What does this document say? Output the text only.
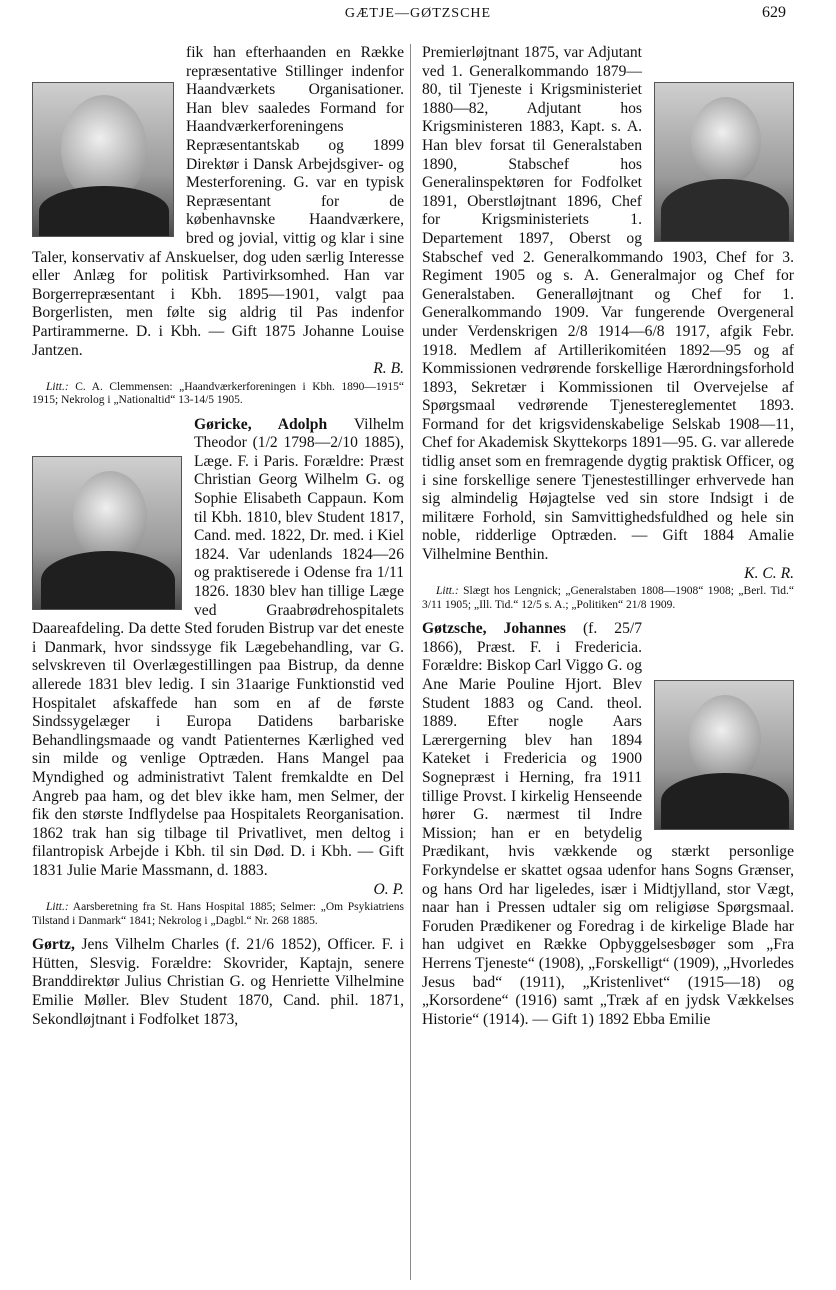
GÆTJE—GØTZSCHE	629

fik han efterhaanden en Række repræsentative Stillinger indenfor Haandværkets Organisationer. Han blev saaledes Formand for Haandværkerforeningens Repræsentantskab og 1899 Direktør i Dansk Arbejdsgiver- og Mesterforening. G. var en typisk Repræsentant for de københavnske Haandværkere, bred og jovial, vittig og klar i sine Taler, konservativ af Anskuelser, dog uden særlig Interesse eller Anlæg for politisk Partivirksomhed. Han var Borgerrepræsentant i Kbh. 1895—1901, valgt paa Borgerlisten, men følte sig aldrig til Pas indenfor Partirammerne. D. i Kbh. — Gift 1875 Johanne Louise Jantzen.

R. B.

Litt.: C. A. Clemmensen: „Haandværkerforeningen i Kbh. 1890—1915“ 1915; Nekrolog i „Nationaltid“ 13-14/5 1905.

Gøricke, Adolph Vilhelm Theodor (1/2 1798—2/10 1885), Læge. F. i Paris. Forældre: Præst Christian Georg Wilhelm G. og Sophie Elisabeth Cappaun. Kom til Kbh. 1810, blev Student 1817, Cand. med. 1822, Dr. med. i Kiel 1824. Var udenlands 1824—26 og praktiserede i Odense fra 1/11 1826. 1830 blev han tillige Læge ved Graabrødrehospitalets Daareafdeling. Da dette Sted foruden Bistrup var det eneste i Danmark, hvor sindssyge fik Lægebehandling, var G. selvskreven til Overlægestillingen paa Bistrup, da denne allerede 1831 blev ledig. I sin 31aarige Funktionstid ved Hospitalet afskaffede han som en af de første Sindssygelæger i Europa Datidens barbariske Behandlingsmaade og vandt Patienternes Kærlighed ved sin milde og venlige Optræden. Hans Mangel paa Myndighed og administrativt Talent fremkaldte en Del Angreb paa ham, og det blev ikke ham, men Selmer, der fik den største Indflydelse paa Hospitalets Reorganisation. 1862 trak han sig tilbage til Privatlivet, men deltog i filantropisk Arbejde i Kbh. til sin Død. D. i Kbh. — Gift 1831 Julie Marie Massmann, d. 1883.

O. P.

Litt.: Aarsberetning fra St. Hans Hospital 1885; Selmer: „Om Psykiatriens Tilstand i Danmark“ 1841; Nekrolog i „Dagbl.“ Nr. 268 1885.

Gørtz, Jens Vilhelm Charles (f. 21/6 1852), Officer. F. i Hütten, Slesvig. Forældre: Skovrider, Kaptajn, senere Branddirektør Julius Christian G. og Henriette Vilhelmine Emilie Møller. Blev Student 1870, Cand. phil. 1871, Sekondløjtnant i Fodfolket 1873,

Premierløjtnant 1875, var Adjutant ved 1. Generalkommando 1879—80, til Tjeneste i Krigsministeriet 1880—82, Adjutant hos Krigsministeren 1883, Kapt. s. A. Han blev forsat til Generalstaben 1890, Stabschef hos Generalinspektøren for Fodfolket 1891, Oberstløjtnant 1896, Chef for Krigsministeriets 1. Departement 1897, Oberst og Stabschef ved 2. Generalkommando 1903, Chef for 3. Regiment 1905 og s. A. Generalmajor og Chef for Generalstaben. Generalløjtnant og Chef for 1. Generalkommando 1909. Var fungerende Overgeneral under Verdenskrigen 2/8 1914—6/8 1917, afgik Febr. 1918. Medlem af Artillerikomitéen 1892—95 og af Kommissionen vedrørende forskellige Hærordningsforhold 1893, Sekretær i Kommissionen til Overvejelse af Spørgsmaal vedrørende Tjenestereglementet 1893. Formand for det krigsvidenskabelige Selskab 1908—11, Chef for Akademisk Skyttekorps 1891—95. G. var allerede tidlig anset som en fremragende dygtig praktisk Officer, og i sine forskellige senere Tjenestestillinger erhvervede han sig almindelig Højagtelse ved sin store Indsigt i de militære Forhold, sin Samvittighedsfuldhed og hele sin noble, ridderlige Optræden. — Gift 1884 Amalie Vilhelmine Benthin.

K. C. R.

Litt.: Slægt hos Lengnick; „Generalstaben 1808—1908“ 1908; „Berl. Tid.“ 3/11 1905; „Ill. Tid.“ 12/5 s. A.; „Politiken“ 21/8 1909.

Gøtzsche, Johannes (f. 25/7 1866), Præst. F. i Fredericia. Forældre: Biskop Carl Viggo G. og Ane Marie Pouline Hjort. Blev Student 1883 og Cand. theol. 1889. Efter nogle Aars Lærergerning blev han 1894 Kateket i Fredericia og 1900 Sognepræst i Herning, fra 1911 tillige Provst. I kirkelig Henseende hører G. nærmest til Indre Mission; han er en betydelig Prædikant, hvis vækkende og stærkt personlige Forkyndelse er skattet ogsaa udenfor hans Sogns Grænser, og hans Ord har ligeledes, især i Midtjylland, stor Vægt, naar han i Pressen udtaler sig om religiøse Spørgsmaal. Foruden Prædikener og Foredrag i de kirkelige Blade har han udgivet en Række Opbyggelsesbøger som „Fra Herrens Tjeneste“ (1908), „Forskelligt“ (1909), „Hvorledes Jesus bad“ (1911), „Kristenlivet“ (1915—18) og „Korsordene“ (1916) samt „Træk af en jydsk Vækkelses Historie“ (1914). — Gift 1) 1892 Ebba Emilie
